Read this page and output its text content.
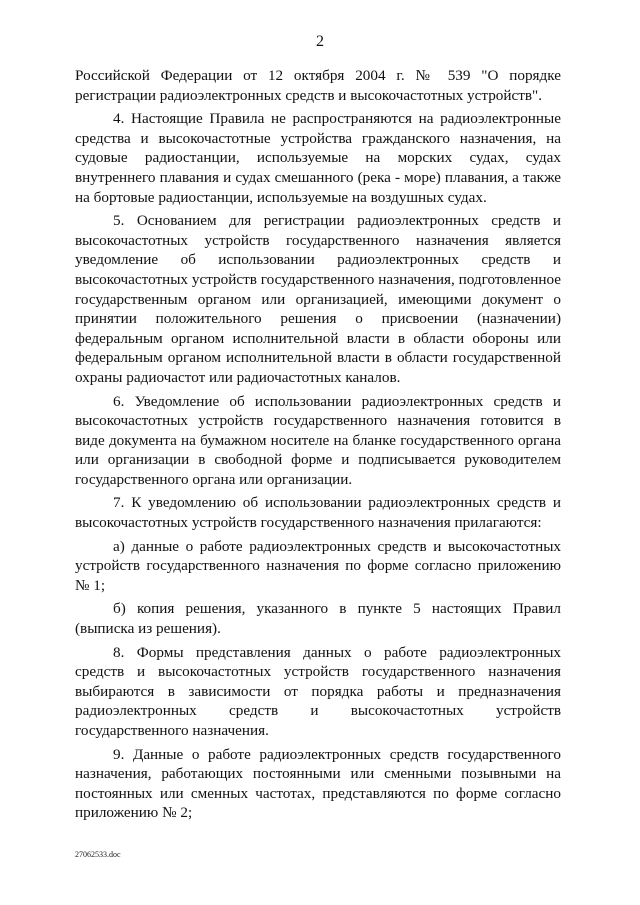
2

Российской Федерации от 12 октября 2004 г. № 539 "О порядке регистрации радиоэлектронных средств и высокочастотных устройств".

4. Настоящие Правила не распространяются на радиоэлектронные средства и высокочастотные устройства гражданского назначения, на судовые радиостанции, используемые на морских судах, судах внутреннего плавания и судах смешанного (река - море) плавания, а также на бортовые радиостанции, используемые на воздушных судах.

5. Основанием для регистрации радиоэлектронных средств и высокочастотных устройств государственного назначения является уведомление об использовании радиоэлектронных средств и высокочастотных устройств государственного назначения, подготовленное государственным органом или организацией, имеющими документ о принятии положительного решения о присвоении (назначении) федеральным органом исполнительной власти в области обороны или федеральным органом исполнительной власти в области государственной охраны радиочастот или радиочастотных каналов.

6. Уведомление об использовании радиоэлектронных средств и высокочастотных устройств государственного назначения готовится в виде документа на бумажном носителе на бланке государственного органа или организации в свободной форме и подписывается руководителем государственного органа или организации.

7. К уведомлению об использовании радиоэлектронных средств и высокочастотных устройств государственного назначения прилагаются:

а) данные о работе радиоэлектронных средств и высокочастотных устройств государственного назначения по форме согласно приложению № 1;

б) копия решения, указанного в пункте 5 настоящих Правил (выписка из решения).

8. Формы представления данных о работе радиоэлектронных средств и высокочастотных устройств государственного назначения выбираются в зависимости от порядка работы и предназначения радиоэлектронных средств и высокочастотных устройств государственного назначения.

9. Данные о работе радиоэлектронных средств государственного назначения, работающих постоянными или сменными позывными на постоянных или сменных частотах, представляются по форме согласно приложению № 2;

27062533.doc
